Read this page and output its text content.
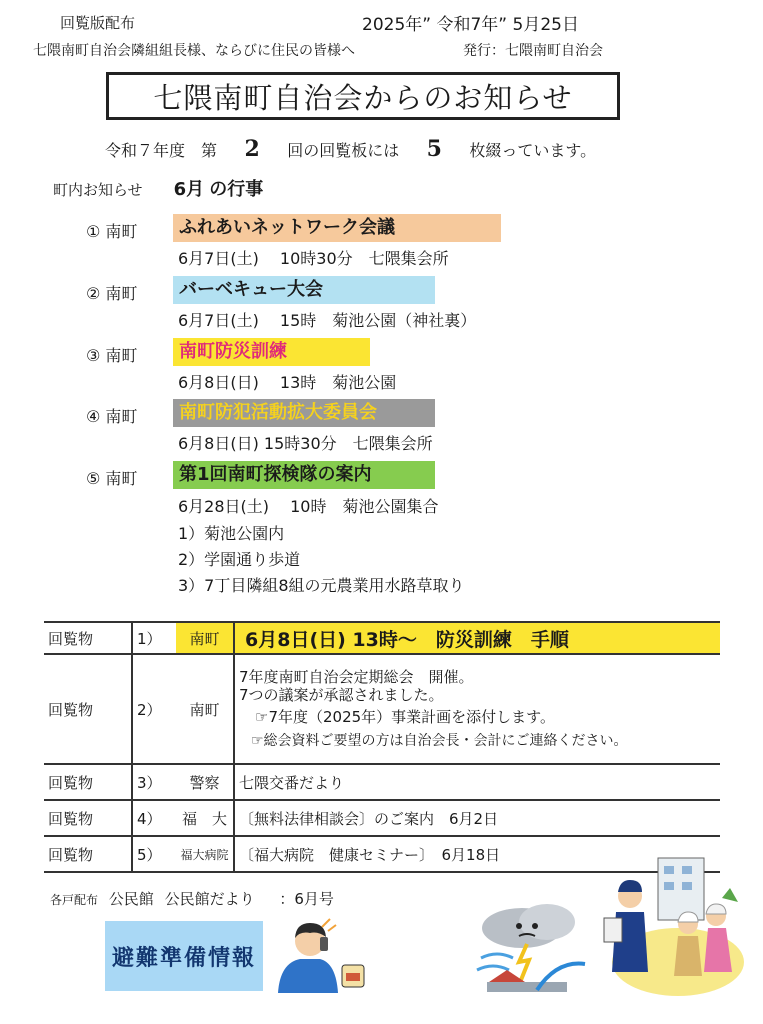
回覧版配布	2025年” 令和7年” 5月25日
七隈南町自治会隣組組長様、ならびに住民の皆様へ	発行：七隈南町自治会
七隈南町自治会からのお知らせ
令和７年度　第 2 回の回覧板には 5 枚綴っています。
町内お知らせ 6月 の行事
① 南町	ふれあいネットワーク会議
6月7日(土)　 10時30分　七隈集会所
② 南町	バーベキュー大会
6月7日(土)　 15時　菊池公園（神社裏）
③ 南町	南町防災訓練
6月8日(日)　 13時　菊池公園
④ 南町	南町防犯活動拡大委員会
6月8日(日) 15時30分　七隈集会所
⑤ 南町	第1回南町探検隊の案内
6月28日(土)　 10時　菊池公園集合
1）菊池公園内
2）学園通り歩道
3）7丁目隣組8組の元農業用水路草取り
回覧物	1）	南町	6月8日(日) 13時～　防災訓練　手順
回覧物	2）	南町	7年度南町自治会定期総会　開催。
7つの議案が承認されました。
☞7年度（2025年）事業計画を添付します。
☞総会資料ご要望の方は自治会長・会計にご連絡ください。

回覧物	3）	警察	七隈交番だより
回覧物	4）	福　大	〔無料法律相談会〕のご案内　6月2日
回覧物	5）	福大病院	〔福大病院　健康セミナー〕　6月18日
各戸配布 公民館 公民館だより ：6月号
避難準備情報
